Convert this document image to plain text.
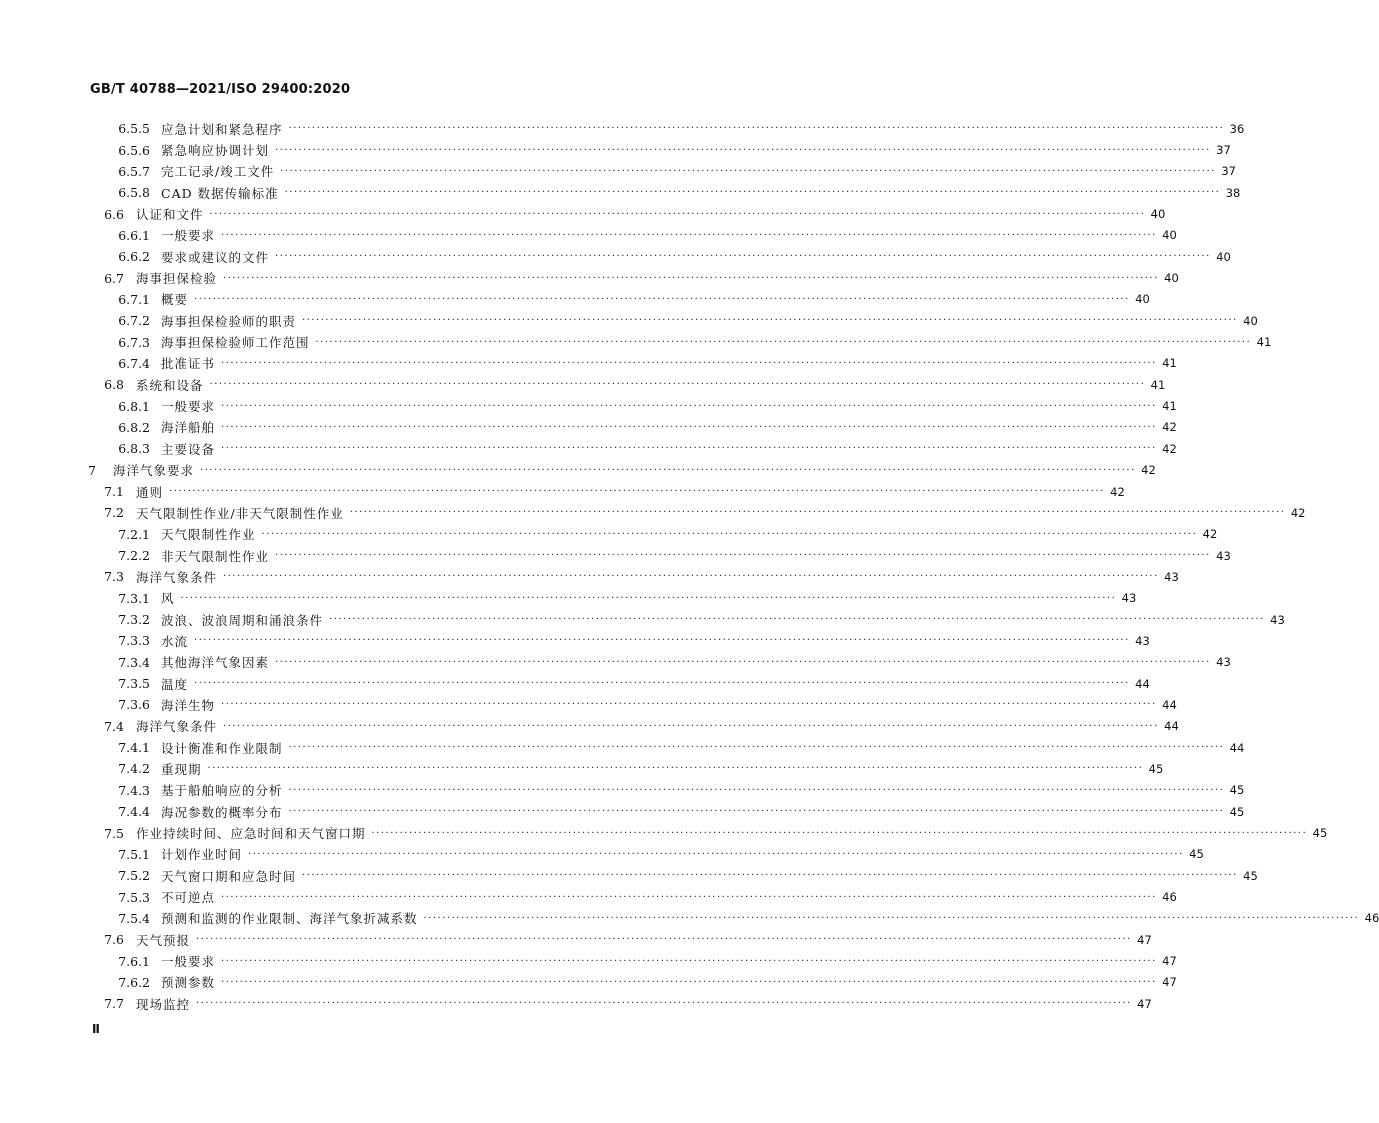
GB/T 40788—2021/ISO 29400:2020
6.5.5 应急计划和紧急程序 ········································································································································································································ 36
6.5.6 紧急响应协调计划 ········································································································································································································ 37
6.5.7 完工记录/竣工文件 ········································································································································································································ 37
6.5.8 CAD 数据传输标准 ········································································································································································································ 38
6.6 认证和文件 ········································································································································································································ 40
6.6.1 一般要求 ········································································································································································································ 40
6.6.2 要求或建议的文件 ········································································································································································································ 40
6.7 海事担保检验 ········································································································································································································ 40
6.7.1 概要 ········································································································································································································ 40
6.7.2 海事担保检验师的职责 ········································································································································································································ 40
6.7.3 海事担保检验师工作范围 ········································································································································································································ 41
6.7.4 批准证书 ········································································································································································································ 41
6.8 系统和设备 ········································································································································································································ 41
6.8.1 一般要求 ········································································································································································································ 41
6.8.2 海洋船舶 ········································································································································································································ 42
6.8.3 主要设备 ········································································································································································································ 42
7 海洋气象要求 ········································································································································································································ 42
7.1 通则 ········································································································································································································ 42
7.2 天气限制性作业/非天气限制性作业 ········································································································································································································ 42
7.2.1 天气限制性作业 ········································································································································································································ 42
7.2.2 非天气限制性作业 ········································································································································································································ 43
7.3 海洋气象条件 ········································································································································································································ 43
7.3.1 风 ········································································································································································································ 43
7.3.2 波浪、波浪周期和涌浪条件 ········································································································································································································ 43
7.3.3 水流 ········································································································································································································ 43
7.3.4 其他海洋气象因素 ········································································································································································································ 43
7.3.5 温度 ········································································································································································································ 44
7.3.6 海洋生物 ········································································································································································································ 44
7.4 海洋气象条件 ········································································································································································································ 44
7.4.1 设计衡准和作业限制 ········································································································································································································ 44
7.4.2 重现期 ········································································································································································································ 45
7.4.3 基于船舶响应的分析 ········································································································································································································ 45
7.4.4 海况参数的概率分布 ········································································································································································································ 45
7.5 作业持续时间、应急时间和天气窗口期 ········································································································································································································ 45
7.5.1 计划作业时间 ········································································································································································································ 45
7.5.2 天气窗口期和应急时间 ········································································································································································································ 45
7.5.3 不可逆点 ········································································································································································································ 46
7.5.4 预测和监测的作业限制、海洋气象折减系数 ········································································································································································································ 46
7.6 天气预报 ········································································································································································································ 47
7.6.1 一般要求 ········································································································································································································ 47
7.6.2 预测参数 ········································································································································································································ 47
7.7 现场监控 ········································································································································································································ 47
Ⅱ
